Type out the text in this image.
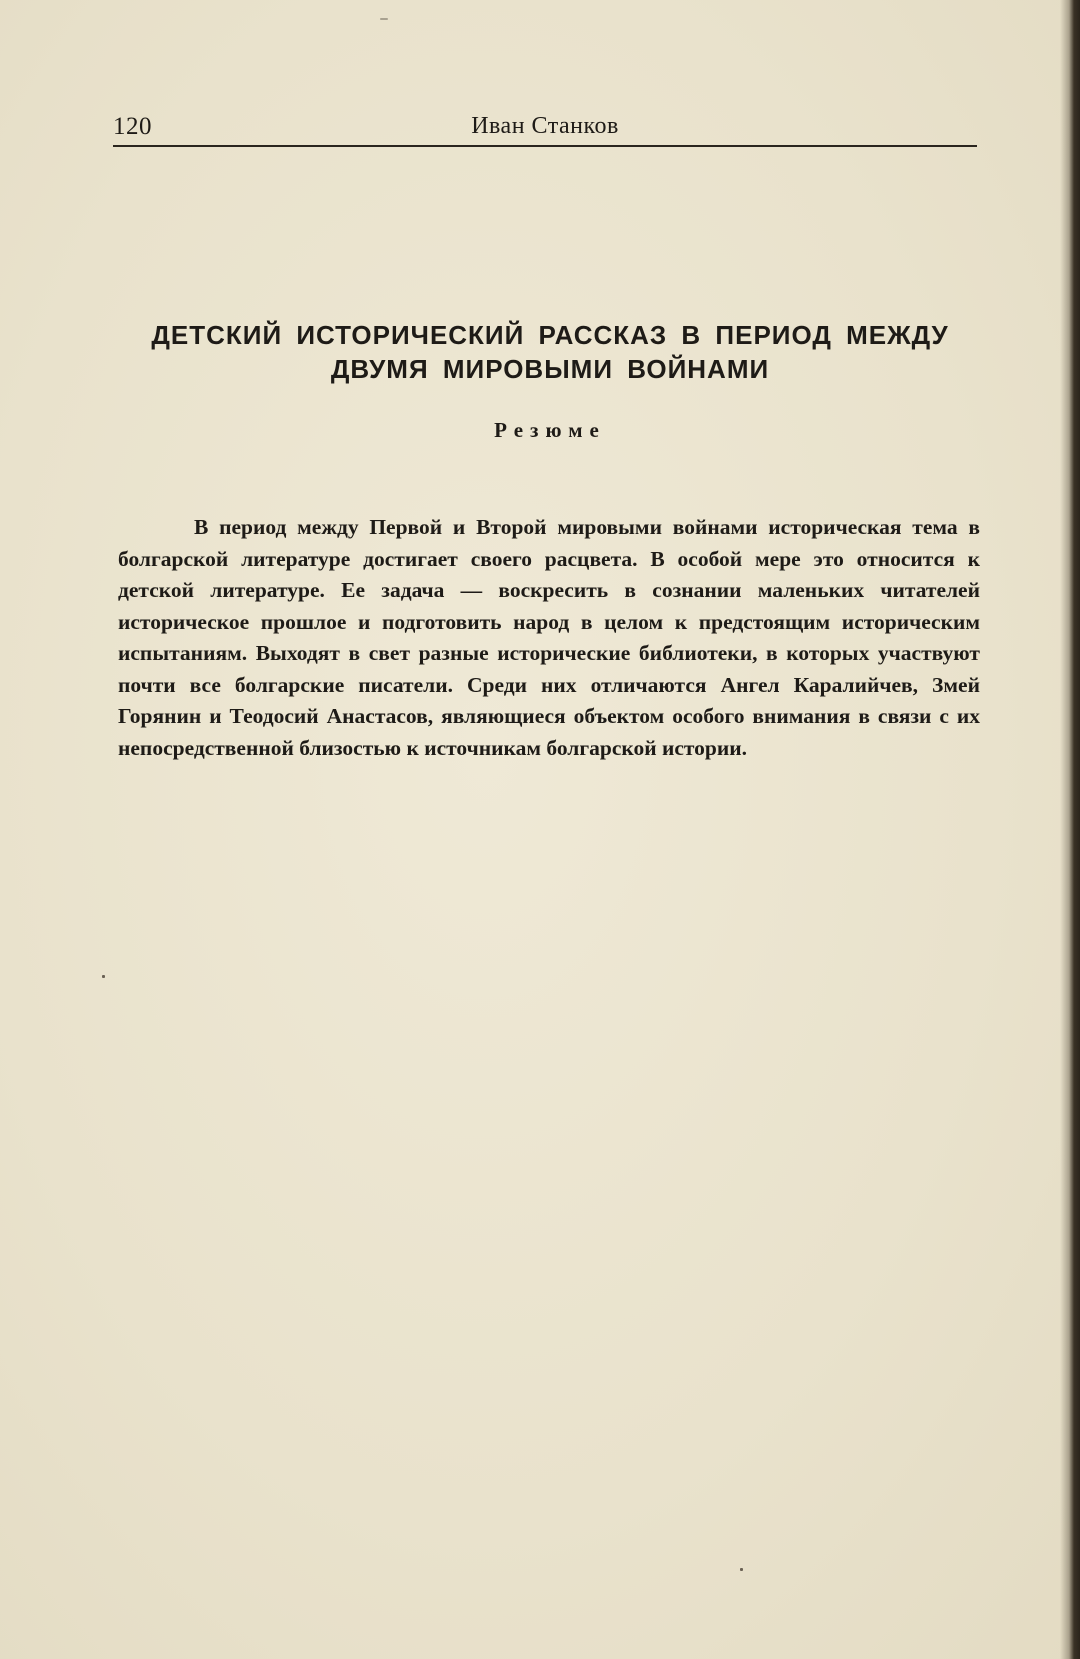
120	Иван Станков
ДЕТСКИЙ ИСТОРИЧЕСКИЙ РАССКАЗ В ПЕРИОД МЕЖДУ
ДВУМЯ МИРОВЫМИ ВОЙНАМИ
Резюме

В период между Первой и Второй мировыми войнами историческая тема в болгарской литературе достигает своего расцвета. В особой мере это относится к детской литературе. Ее задача — воскресить в сознании маленьких читателей историческое прошлое и подготовить народ в целом к предстоящим историческим испытаниям. Выходят в свет разные исторические библиотеки, в которых участвуют почти все болгарские писатели. Среди них отличаются Ангел Каралийчев, Змей Горянин и Теодосий Анастасов, являющиеся объектом особого внимания в связи с их непосредственной близостью к источникам болгарской истории.
